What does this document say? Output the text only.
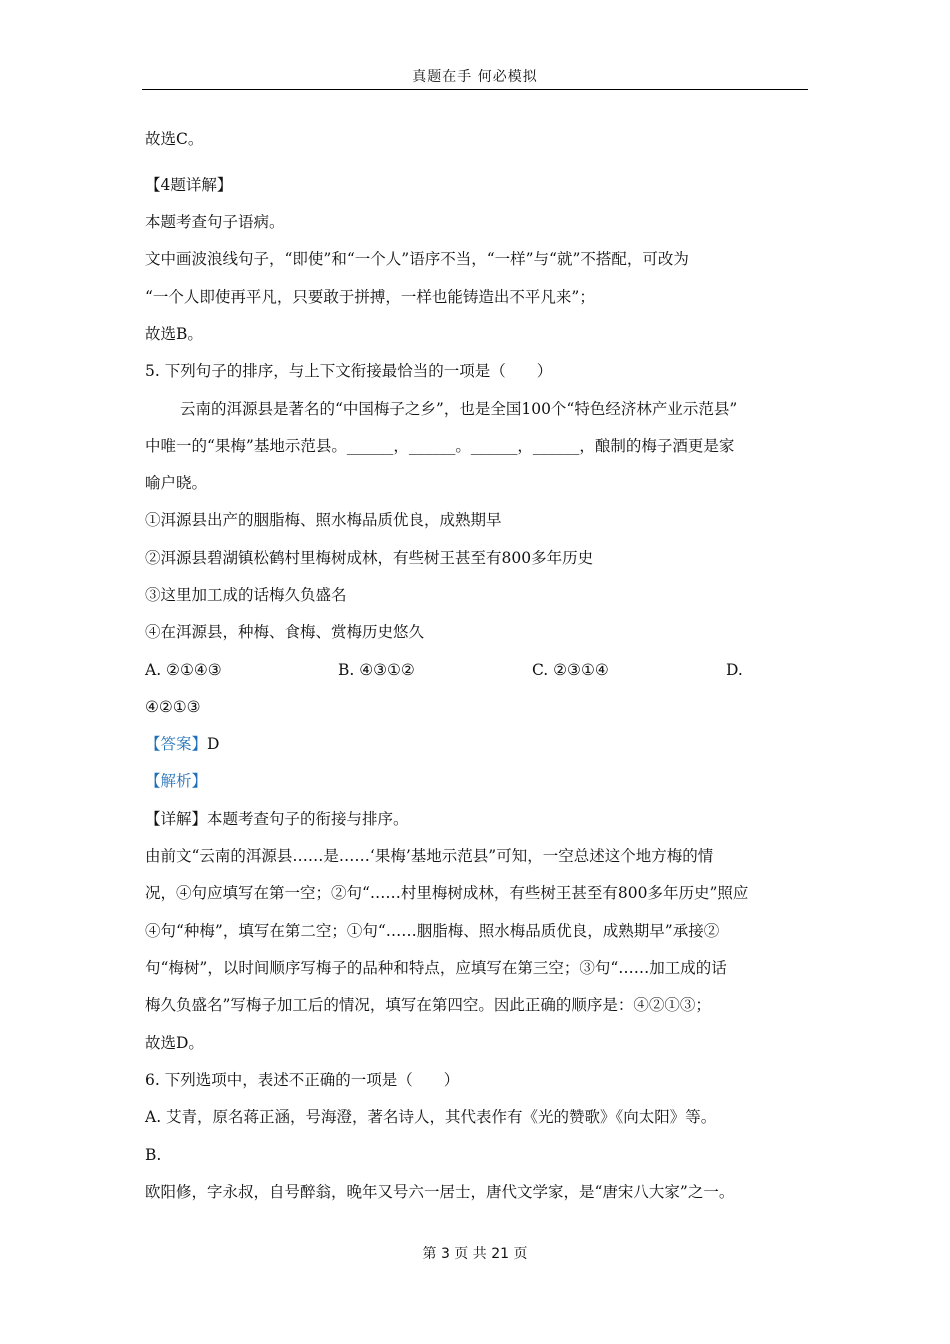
真题在手 何必模拟
故选C。
【4题详解】
本题考查句子语病。
文中画波浪线句子，“即使”和“一个人”语序不当，“一样”与“就”不搭配，可改为
“一个人即使再平凡，只要敢于拼搏，一样也能铸造出不平凡来”；
故选B。
5. 下列句子的排序，与上下文衔接最恰当的一项是（　　）
云南的洱源县是著名的“中国梅子之乡”，也是全国100个“特色经济林产业示范县”
中唯一的“果梅”基地示范县。______，______。______，______，酿制的梅子酒更是家
喻户晓。
①洱源县出产的胭脂梅、照水梅品质优良，成熟期早
②洱源县碧湖镇松鹤村里梅树成林，有些树王甚至有800多年历史
③这里加工成的话梅久负盛名
④在洱源县，种梅、食梅、赏梅历史悠久
A. ②①④③	B. ④③①②	C. ②③①④	D.
④②①③
【答案】D
【解析】
【详解】本题考查句子的衔接与排序。
由前文“云南的洱源县……是……‘果梅’基地示范县”可知，一空总述这个地方梅的情
况，④句应填写在第一空；②句“……村里梅树成林，有些树王甚至有800多年历史”照应
④句“种梅”，填写在第二空；①句“……胭脂梅、照水梅品质优良，成熟期早”承接②
句“梅树”，以时间顺序写梅子的品种和特点，应填写在第三空；③句“……加工成的话
梅久负盛名”写梅子加工后的情况，填写在第四空。因此正确的顺序是：④②①③；
故选D。
6. 下列选项中，表述不正确的一项是（　　）
A. 艾青，原名蒋正涵，号海澄，著名诗人，其代表作有《光的赞歌》《向太阳》等。
B.
欧阳修，字永叔，自号醉翁，晚年又号六一居士，唐代文学家，是“唐宋八大家”之一。
第 3 页 共 21 页
